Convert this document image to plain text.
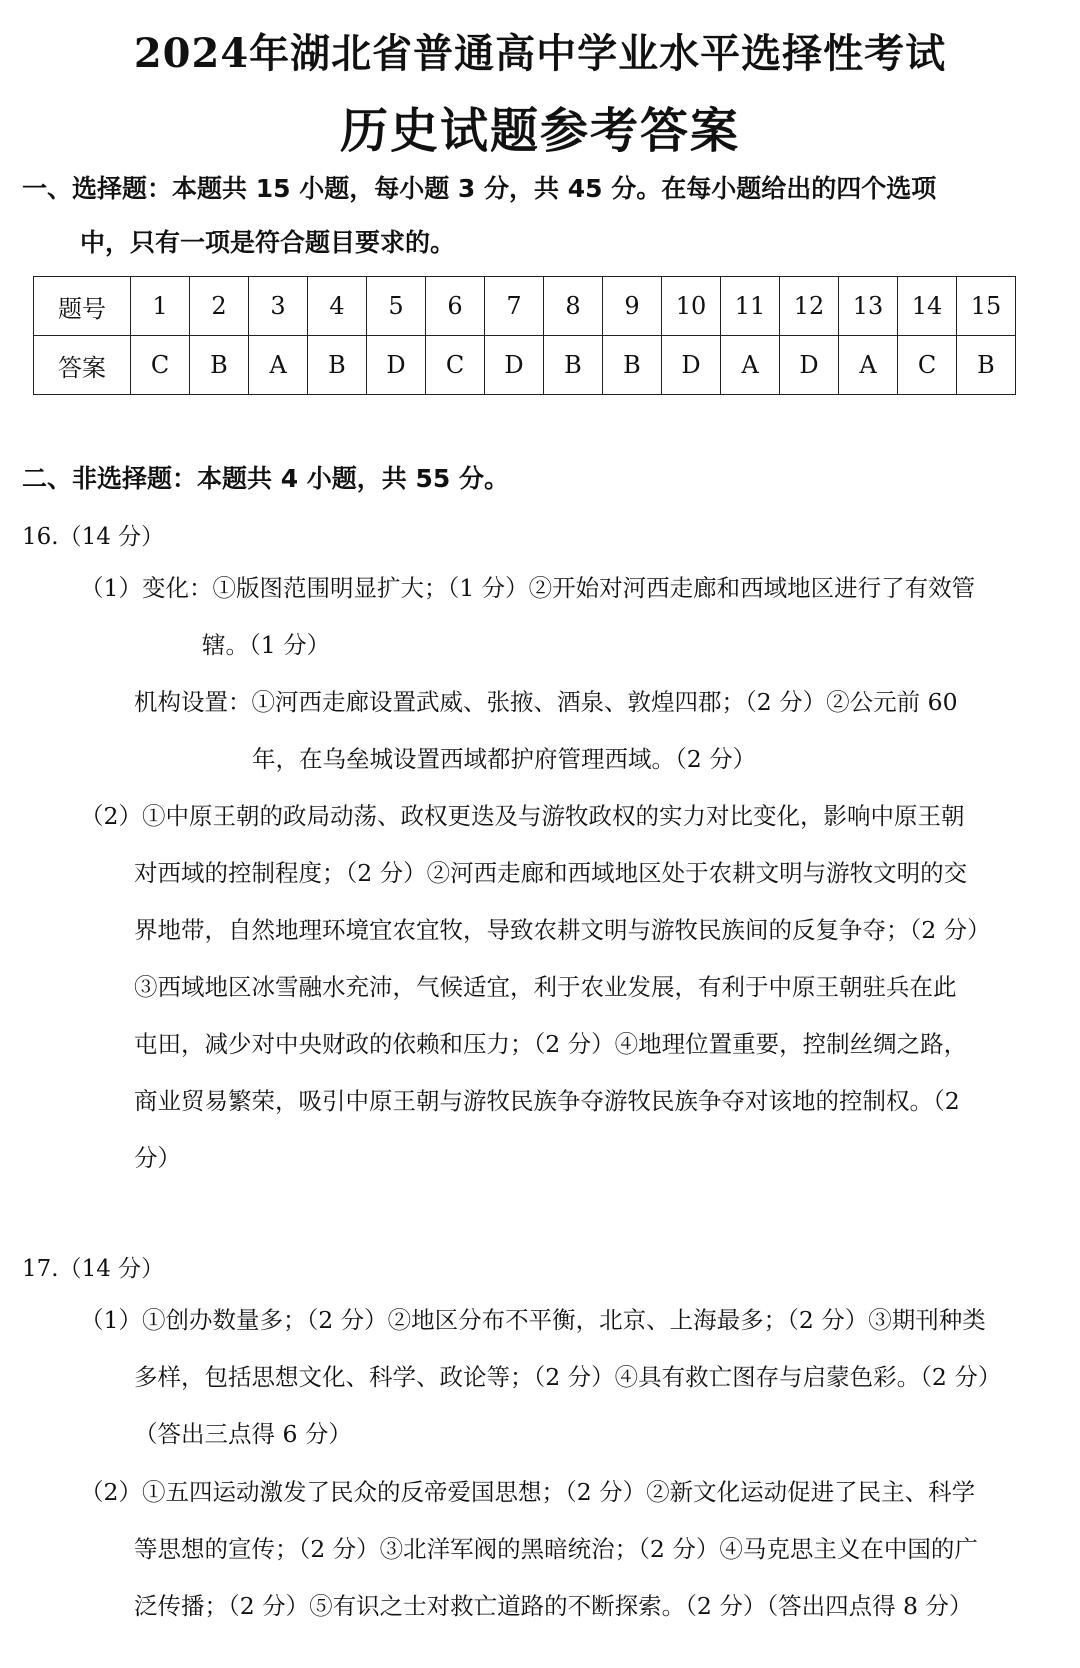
2024年湖北省普通高中学业水平选择性考试
历史试题参考答案
一、选择题：本题共 15 小题，每小题 3 分，共 45 分。在每小题给出的四个选项
中，只有一项是符合题目要求的。
题号	1	2	3	4	5	6	7	8	9	10	11	12	13	14	15
答案	C	B	A	B	D	C	D	B	B	D	A	D	A	C	B
二、非选择题：本题共 4 小题，共 55 分。
16.（14 分）
（1）变化：①版图范围明显扩大；（1 分）②开始对河西走廊和西域地区进行了有效管
辖。（1 分）
机构设置：①河西走廊设置武威、张掖、酒泉、敦煌四郡；（2 分）②公元前 60
年，在乌垒城设置西域都护府管理西域。（2 分）
（2）①中原王朝的政局动荡、政权更迭及与游牧政权的实力对比变化，影响中原王朝
对西域的控制程度；（2 分）②河西走廊和西域地区处于农耕文明与游牧文明的交
界地带，自然地理环境宜农宜牧，导致农耕文明与游牧民族间的反复争夺；（2 分）
③西域地区冰雪融水充沛，气候适宜，利于农业发展，有利于中原王朝驻兵在此
屯田，减少对中央财政的依赖和压力；（2 分）④地理位置重要，控制丝绸之路，
商业贸易繁荣，吸引中原王朝与游牧民族争夺游牧民族争夺对该地的控制权。（2
分）
17.（14 分）
（1）①创办数量多；（2 分）②地区分布不平衡，北京、上海最多；（2 分）③期刊种类
多样，包括思想文化、科学、政论等；（2 分）④具有救亡图存与启蒙色彩。（2 分）
（答出三点得 6 分）
（2）①五四运动激发了民众的反帝爱国思想；（2 分）②新文化运动促进了民主、科学
等思想的宣传；（2 分）③北洋军阀的黑暗统治；（2 分）④马克思主义在中国的广
泛传播；（2 分）⑤有识之士对救亡道路的不断探索。（2 分）（答出四点得 8 分）
